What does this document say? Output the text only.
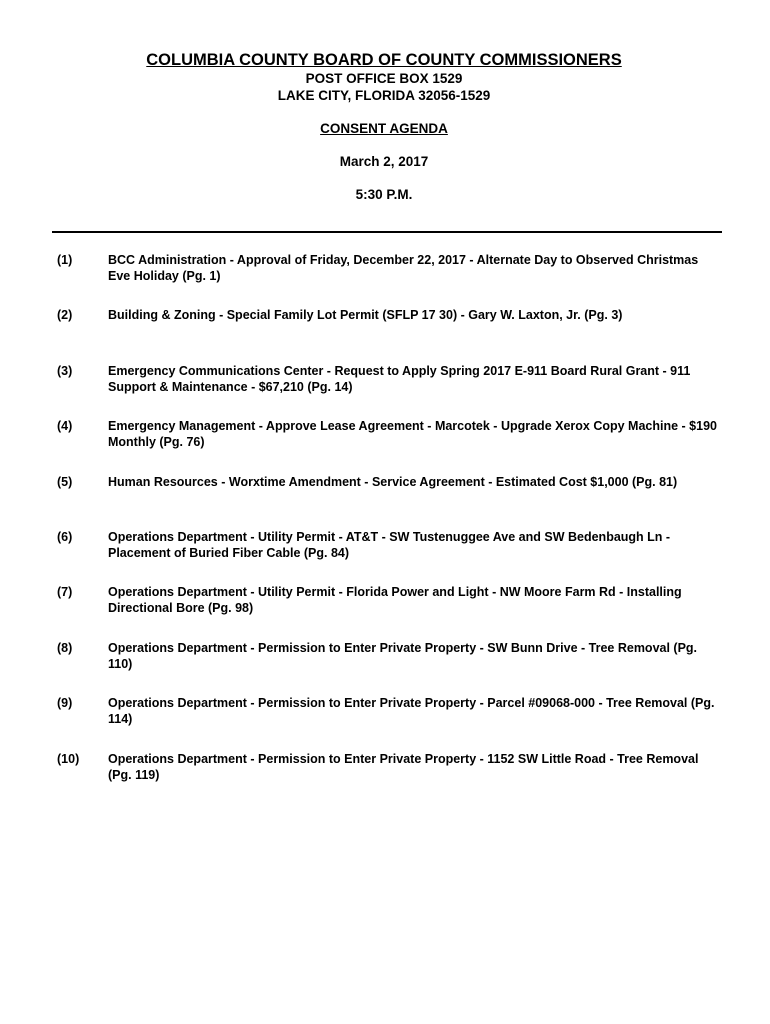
COLUMBIA COUNTY BOARD OF COUNTY COMMISSIONERS
POST OFFICE BOX 1529
LAKE CITY, FLORIDA 32056-1529
CONSENT AGENDA
March 2, 2017
5:30 P.M.
(1)	BCC Administration - Approval of Friday, December 22, 2017 - Alternate Day to Observed Christmas Eve Holiday (Pg. 1)
(2)	Building & Zoning - Special Family Lot Permit (SFLP 17 30) - Gary W. Laxton, Jr. (Pg. 3)
(3)	Emergency Communications Center - Request to Apply Spring 2017 E-911 Board Rural Grant - 911 Support & Maintenance - $67,210 (Pg. 14)
(4)	Emergency Management - Approve Lease Agreement - Marcotek - Upgrade Xerox Copy Machine - $190 Monthly (Pg. 76)
(5)	Human Resources - Worxtime Amendment - Service Agreement - Estimated Cost $1,000 (Pg. 81)
(6)	Operations Department - Utility Permit - AT&T - SW Tustenuggee Ave and SW Bedenbaugh Ln - Placement of Buried Fiber Cable (Pg. 84)
(7)	Operations Department - Utility Permit - Florida Power and Light - NW Moore Farm Rd - Installing Directional Bore (Pg. 98)
(8)	Operations Department - Permission to Enter Private Property - SW Bunn Drive - Tree Removal (Pg. 110)
(9)	Operations Department - Permission to Enter Private Property - Parcel #09068-000 - Tree Removal (Pg. 114)
(10) Operations Department - Permission to Enter Private Property - 1152 SW Little Road - Tree Removal (Pg. 119)
